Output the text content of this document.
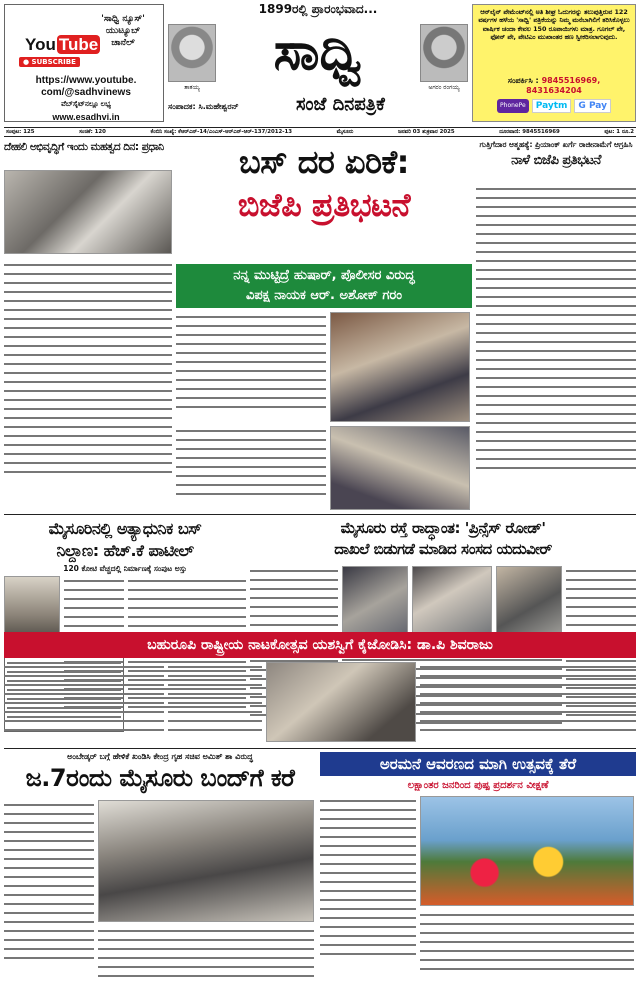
You Tube
● SUBSCRIBE
'ಸಾಧ್ವಿ ನ್ಯೂಸ್'
ಯುಟ್ಯೂಬ್
ಚಾನೆಲ್
https://www.youtube.
com/@sadhvinews
ವೆಬ್‌ಸೈಟ್‌ನಲ್ಲೂ ಲಭ್ಯ
www.esadhvi.in
1899ರಲ್ಲಿ ಪ್ರಾರಂಭವಾದ...
ತಾತಯ್ಯ
ಸಾಧ್ವಿ
ಅಗರಂ ರಂಗಯ್ಯ
ಸಂಪಾದಕ: ಸಿ.ಮಹೇಶ್ವರನ್	ಸಂಜೆ ದಿನಪತ್ರಿಕೆ
ಆನ್‌ಲೈನ್ ಪೇಮೆಂಟ್‌ನಲ್ಲಿ ಅತಿ ಶೀಘ್ರ ಓದುಗರನ್ನು ತಲುಪುತ್ತಿರುವ 122 ವರ್ಷಗಳ ಹಳೆಯ 'ಸಾಧ್ವಿ' ಪತ್ರಿಕೆಯನ್ನು ನಿಮ್ಮ ಮನೆಬಾಗಿಲಿಗೆ ತರಿಸಿಕೊಳ್ಳಲು ವಾರ್ಷಿಕ ಚಂದಾ ಕೇವಲ 150 ರೂಪಾಯಿಗಳು ಮಾತ್ರ. ಗೂಗಲ್ ಪೇ, ಫೋನ್ ಪೇ, ಪೇಟಿಎಂ ಮುಖಾಂತರ ಹಣ ಸ್ವೀಕರಿಸಲಾಗುವುದು.
ಸಂಪರ್ಕಿಸಿ : 9845516969,
8431634204
PhonePe	Paytm	G Pay
ಸಂಪುಟ: 125	ಸಂಚಿಕೆ: 120	ಕೆಂಬಿನಿ ಸಂಖ್ಯೆ: ಕೆಆರ್‌ಎನ್-14/ಎಂಎಸ್-ಆರ್‌ಎನ್-ಆರ್-137/2012-13	ಮೈಸೂರು	ಜನವರಿ 03 ಶುಕ್ರವಾರ 2025	ದೂರವಾಣಿ: 9845516969	ಪುಟ: 1 ರೂ.2
ದೇಹಲಿ ಅಭಿವೃದ್ಧಿಗೆ ಇಂದು ಮಹತ್ವದ ದಿನ: ಪ್ರಧಾನಿ	ಬಸ್ ದರ ಏರಿಕೆ:
ಬಿಜೆಪಿ ಪ್ರತಿಭಟನೆ
ನನ್ನ ಮುಟ್ಟಿದ್ರೆ ಹುಷಾರ್, ಪೊಲೀಸರ ವಿರುದ್ಧ
ವಿಪಕ್ಷ ನಾಯಕ ಆರ್. ಅಶೋಕ್ ಗರಂ
ಗುತ್ತಿಗೆದಾರ ಆತ್ಮಹತ್ಯೆ: ಪ್ರಿಯಾಂಕ್ ಖರ್ಗೆ ರಾಜೀನಾಮೆಗೆ ಆಗ್ರಹಿಸಿ
ನಾಳೆ ಬಿಜೆಪಿ ಪ್ರತಿಭಟನೆ
ಮೈಸೂರಿನಲ್ಲಿ ಅತ್ಯಾಧುನಿಕ ಬಸ್
ನಿಲ್ದಾಣ: ಹೆಚ್.ಕೆ ಪಾಟೀಲ್
120 ಕೋಟಿ ವೆಚ್ಚದಲ್ಲಿ ನಿರ್ಮಾಣಕ್ಕೆ ಸಂಪುಟ ಅಸ್ತು
ಮೈಸೂರು ರಸ್ತೆ ರಾದ್ಧಾಂತ: 'ಪ್ರಿನ್ಸೆಸ್ ರೋಡ್'
ದಾಖಲೆ ಬಿಡುಗಡೆ ಮಾಡಿದ ಸಂಸದ ಯದುವೀರ್
ಬಹುರೂಪಿ ರಾಷ್ಟ್ರೀಯ ನಾಟಕೋತ್ಸವ ಯಶಸ್ವಿಗೆ ಕೈಜೋಡಿಸಿ: ಡಾ.ಪಿ ಶಿವರಾಜು
ಅಂಬೇಡ್ಕರ್ ಬಗ್ಗೆ ಹೇಳಿಕೆ ಖಂಡಿಸಿ ಕೇಂದ್ರ ಗೃಹ ಸಚಿವ ಅಮಿತ್ ಶಾ ವಿರುದ್ಧ
ಜ.7ರಂದು ಮೈಸೂರು ಬಂದ್‌ಗೆ ಕರೆ	ಅರಮನೆ ಆವರಣದ ಮಾಗಿ ಉತ್ಸವಕ್ಕೆ ತೆರೆ
ಲಕ್ಷಾಂತರ ಜನರಿಂದ ಪುಷ್ಪ ಪ್ರದರ್ಶನ ವೀಕ್ಷಣೆ
